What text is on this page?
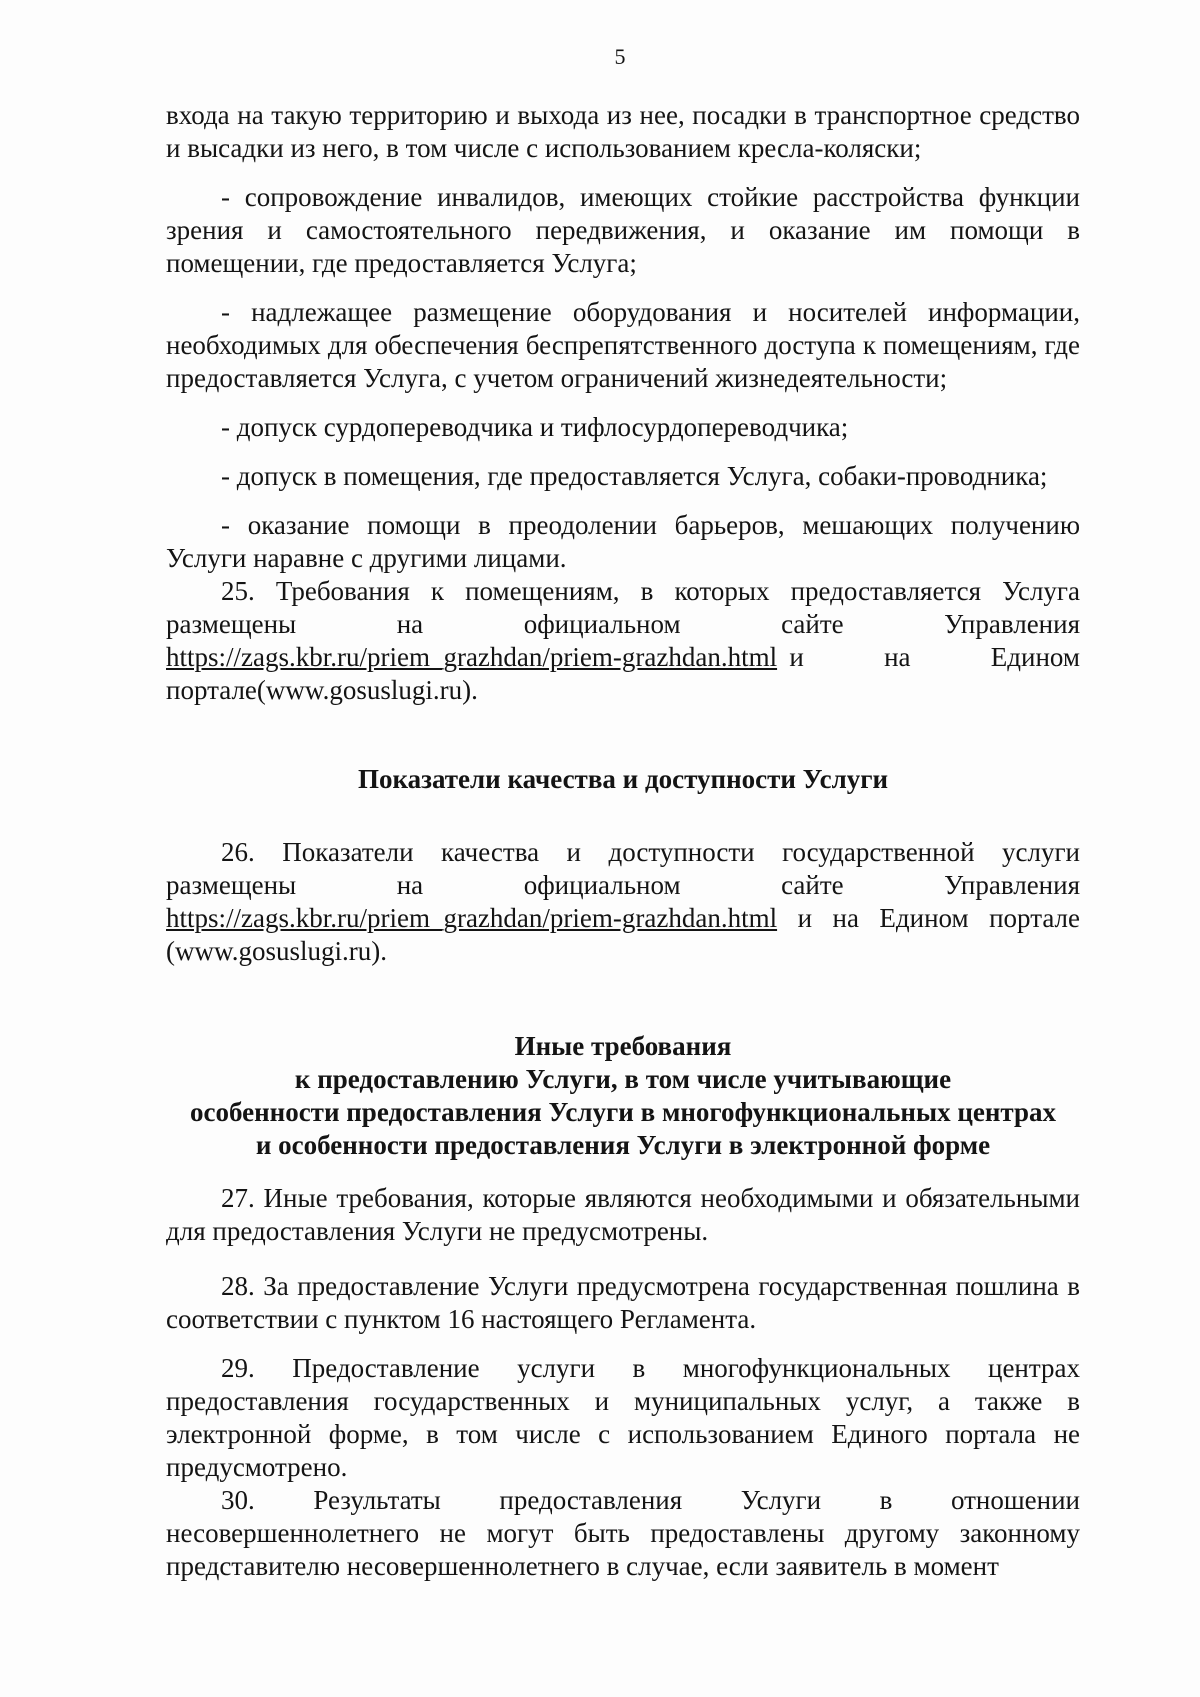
5

входа на такую территорию и выхода из нее, посадки в транспортное средство и высадки из него, в том числе с использованием кресла-коляски;

- сопровождение инвалидов, имеющих стойкие расстройства функции зрения и самостоятельного передвижения, и оказание им помощи в помещении, где предоставляется Услуга;

- надлежащее размещение оборудования и носителей информации, необходимых для обеспечения беспрепятственного доступа к помещениям, где предоставляется Услуга, с учетом ограничений жизнедеятельности;

- допуск сурдопереводчика и тифлосурдопереводчика;

- допуск в помещения, где предоставляется Услуга, собаки-проводника;

- оказание помощи в преодолении барьеров, мешающих получению Услуги наравне с другими лицами.

25. Требования к помещениям, в которых предоставляется Услуга размещены на официальном сайте Управления

https://zags.kbr.ru/priem_grazhdan/priem-grazhdan.html и на Едином

портале(www.gosuslugi.ru).

Показатели качества и доступности Услуги

26. Показатели качества и доступности государственной услуги размещены на официальном сайте Управления

https://zags.kbr.ru/priem_grazhdan/priem-grazhdan.html и на Едином портале (www.gosuslugi.ru).

Иные требования

к предоставлению Услуги, в том числе учитывающие

особенности предоставления Услуги в многофункциональных центрах

и особенности предоставления Услуги в электронной форме

27. Иные требования, которые являются необходимыми и обязательными для предоставления Услуги не предусмотрены.

28. За предоставление Услуги предусмотрена государственная пошлина в соответствии с пунктом 16 настоящего Регламента.

29. Предоставление услуги в многофункциональных центрах предоставления государственных и муниципальных услуг, а также в электронной форме, в том числе с использованием Единого портала не предусмотрено.

30. Результаты предоставления Услуги в отношении несовершеннолетнего не могут быть предоставлены другому законному представителю несовершеннолетнего в случае, если заявитель в момент
